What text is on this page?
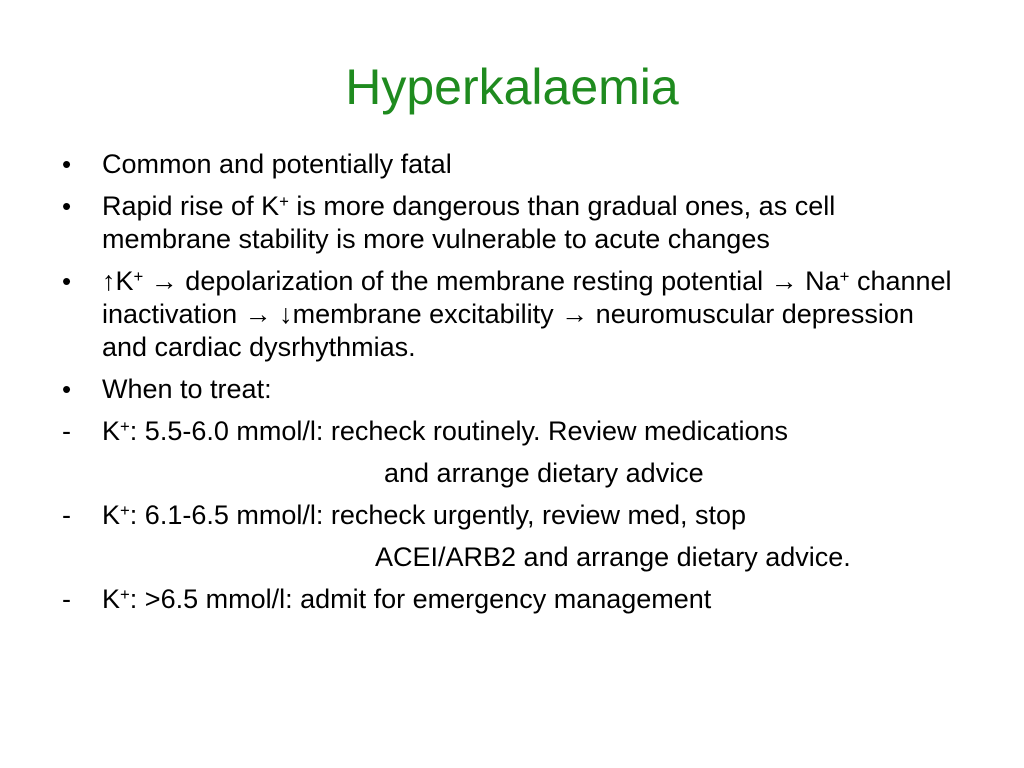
Hyperkalaemia
•	Common and potentially fatal
•	Rapid rise of K+ is more dangerous than gradual ones, as cell membrane stability is more vulnerable to acute changes
•	↑K+ → depolarization of the membrane resting potential → Na+ channel inactivation → ↓membrane excitability → neuromuscular depression and cardiac dysrhythmias.
•	When to treat:
-	K+: 5.5-6.0 mmol/l: recheck routinely. Review medications
and arrange dietary advice
-	K+: 6.1-6.5 mmol/l: recheck urgently, review med, stop
ACEI/ARB2 and arrange dietary advice.
-	K+: >6.5 mmol/l: admit for emergency management
